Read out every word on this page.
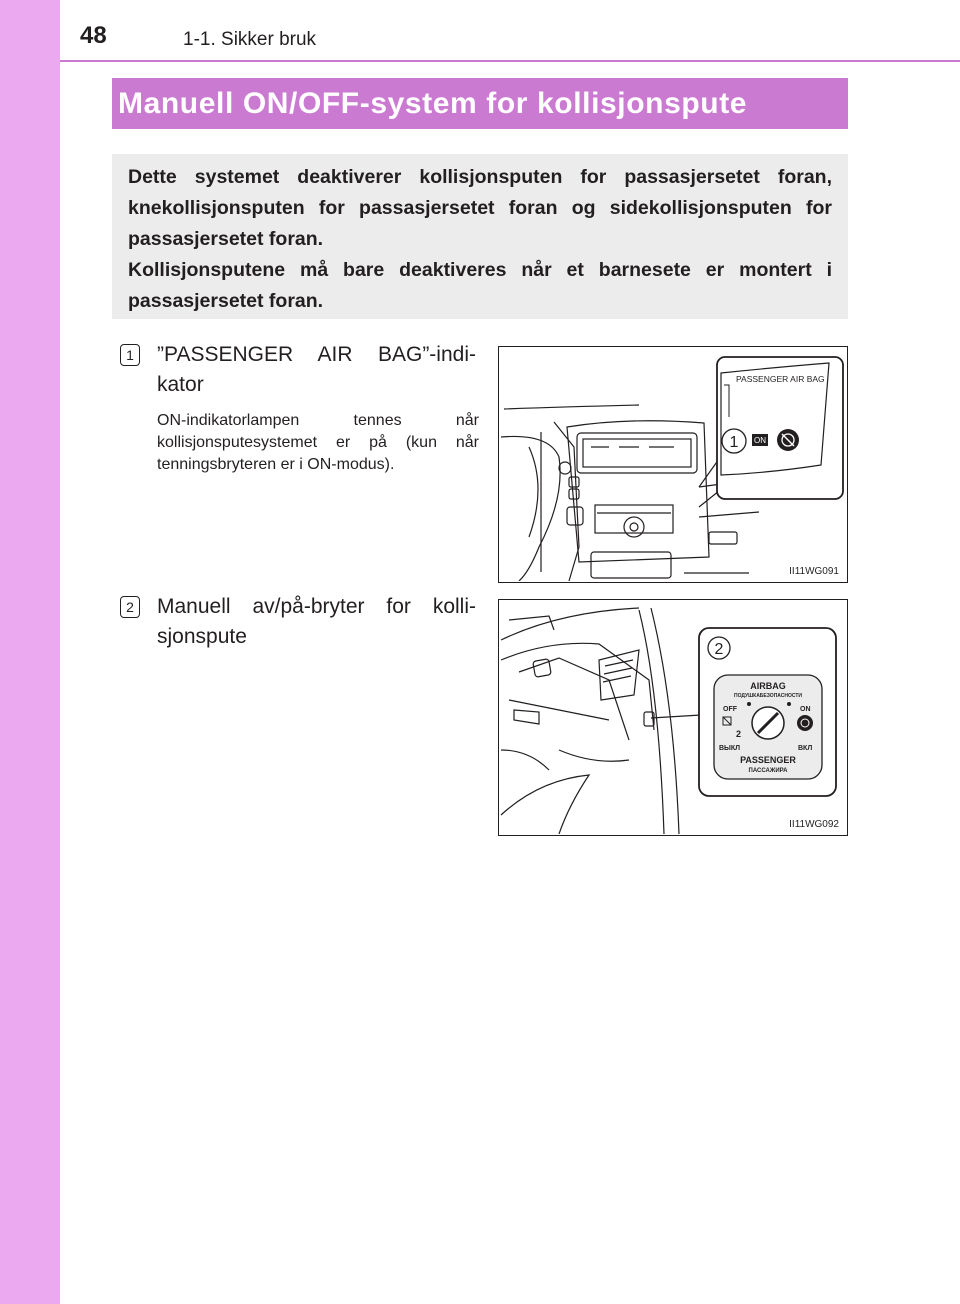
48	1-1. Sikker bruk
Manuell ON/OFF-system for kollisjonspute

Dette systemet deaktiverer kollisjonsputen for passasjersetet foran, knekollisjonsputen for passasjersetet foran og sidekollisjonsputen for passasjersetet foran.

Kollisjonsputene må bare deaktiveres når et barnesete er montert i passasjersetet foran.

1 ”PASSENGER AIR BAG”-indikator
ON-indikatorlampen tennes når kollisjonsputesystemet er på (kun når tenningsbryteren er i ON-modus).
2 Manuell av/på-bryter for kollisjonspute
PASSENGER AIR BAG
1 ON
II11WG091
2
AIRBAG
ПОДУШКАБЕЗОПАСНОСТИ
OFF	ON
2
ВЫКЛ	ВКЛ
PASSENGER
ПАССАЖИРА
II11WG092
